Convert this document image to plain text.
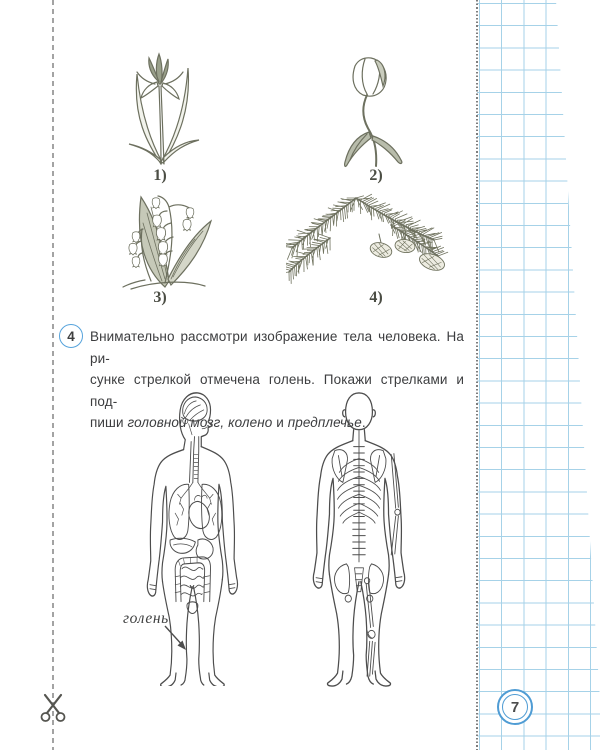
1)	2)
3)	4)
4 Внимательно рассмотри изображение тела человека. На ри-
сунке стрелкой отмечена голень. Покажи стрелками и под-
пиши головной мозг, колено и предплечье.
голень
7
